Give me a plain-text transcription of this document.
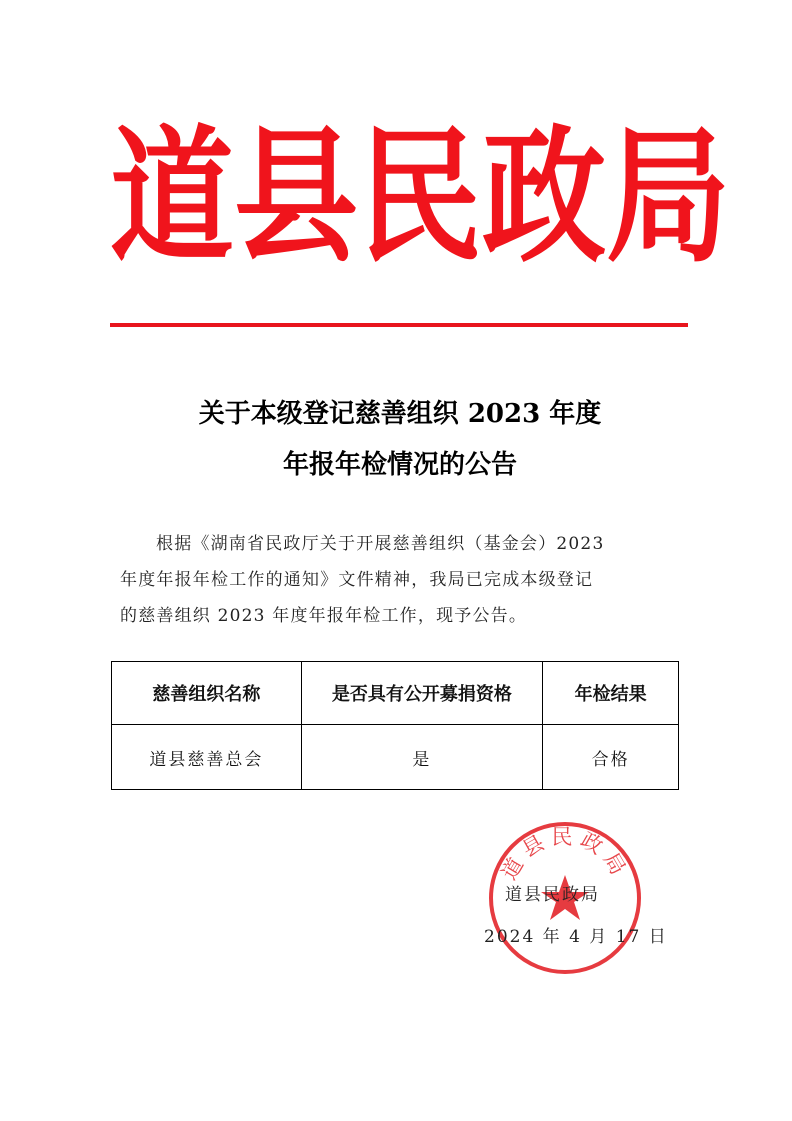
道 县 民 政 局
关于本级登记慈善组织 2023 年度
年报年检情况的公告
根据《湖南省民政厅关于开展慈善组织（基金会）2023
年度年报年检工作的通知》文件精神，我局已完成本级登记
的慈善组织 2023 年度年报年检工作，现予公告。
慈善组织名称	是否具有公开募捐资格	年检结果
道县慈善总会	是	合格
道县民政局
道县民政局
2024 年 4 月 17 日
